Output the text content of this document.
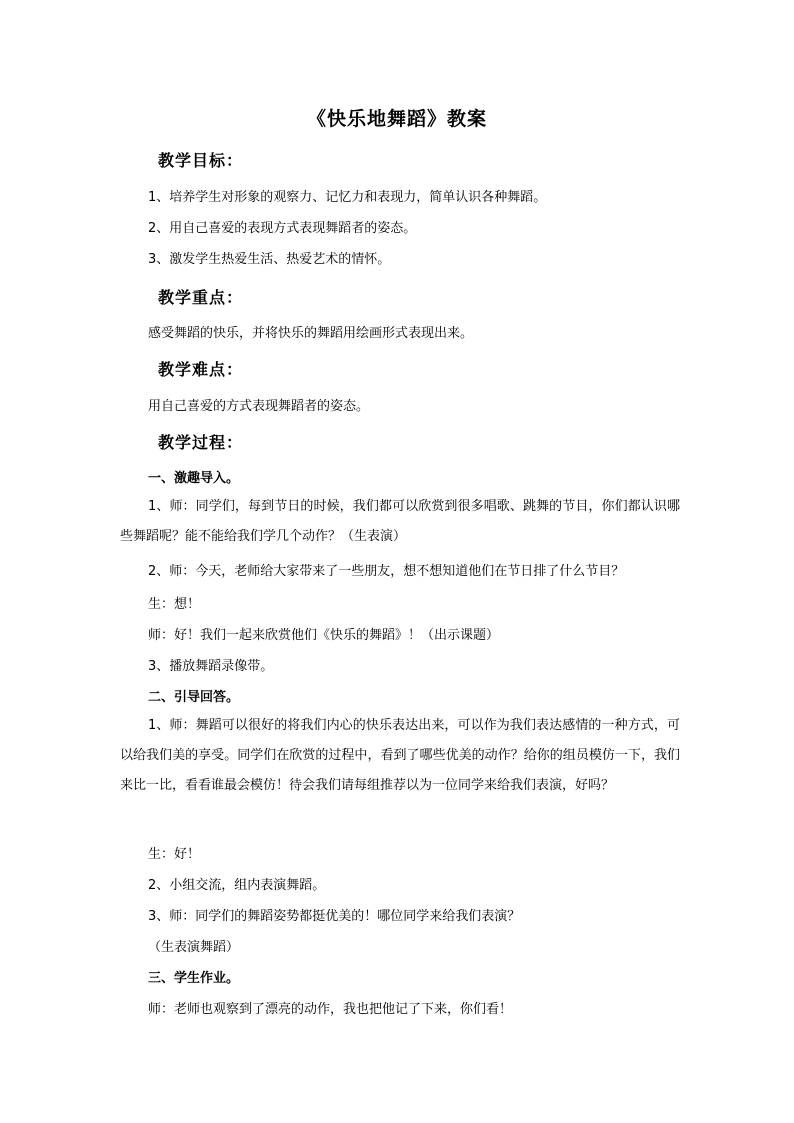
《快乐地舞蹈》教案
教学目标：
1、培养学生对形象的观察力、记忆力和表现力，简单认识各种舞蹈。
2、用自己喜爱的表现方式表现舞蹈者的姿态。
3、激发学生热爱生活、热爱艺术的情怀。
教学重点：
感受舞蹈的快乐，并将快乐的舞蹈用绘画形式表现出来。
教学难点：
用自己喜爱的方式表现舞蹈者的姿态。
教学过程：
一、激趣导入。
1、师：同学们，每到节日的时候，我们都可以欣赏到很多唱歌、跳舞的节目，你们都认识哪些舞蹈呢？能不能给我们学几个动作？（生表演）
2、师：今天，老师给大家带来了一些朋友，想不想知道他们在节日排了什么节目？
生：想！
师：好！我们一起来欣赏他们《快乐的舞蹈》！（出示课题）
3、播放舞蹈录像带。
二、引导回答。
1、师：舞蹈可以很好的将我们内心的快乐表达出来，可以作为我们表达感情的一种方式，可以给我们美的享受。同学们在欣赏的过程中，看到了哪些优美的动作？给你的组员模仿一下，我们来比一比，看看谁最会模仿！待会我们请每组推荐以为一位同学来给我们表演，好吗？
生：好！
2、小组交流，组内表演舞蹈。
3、师：同学们的舞蹈姿势都挺优美的！哪位同学来给我们表演？
（生表演舞蹈）
三、学生作业。
师：老师也观察到了漂亮的动作，我也把他记了下来，你们看！
